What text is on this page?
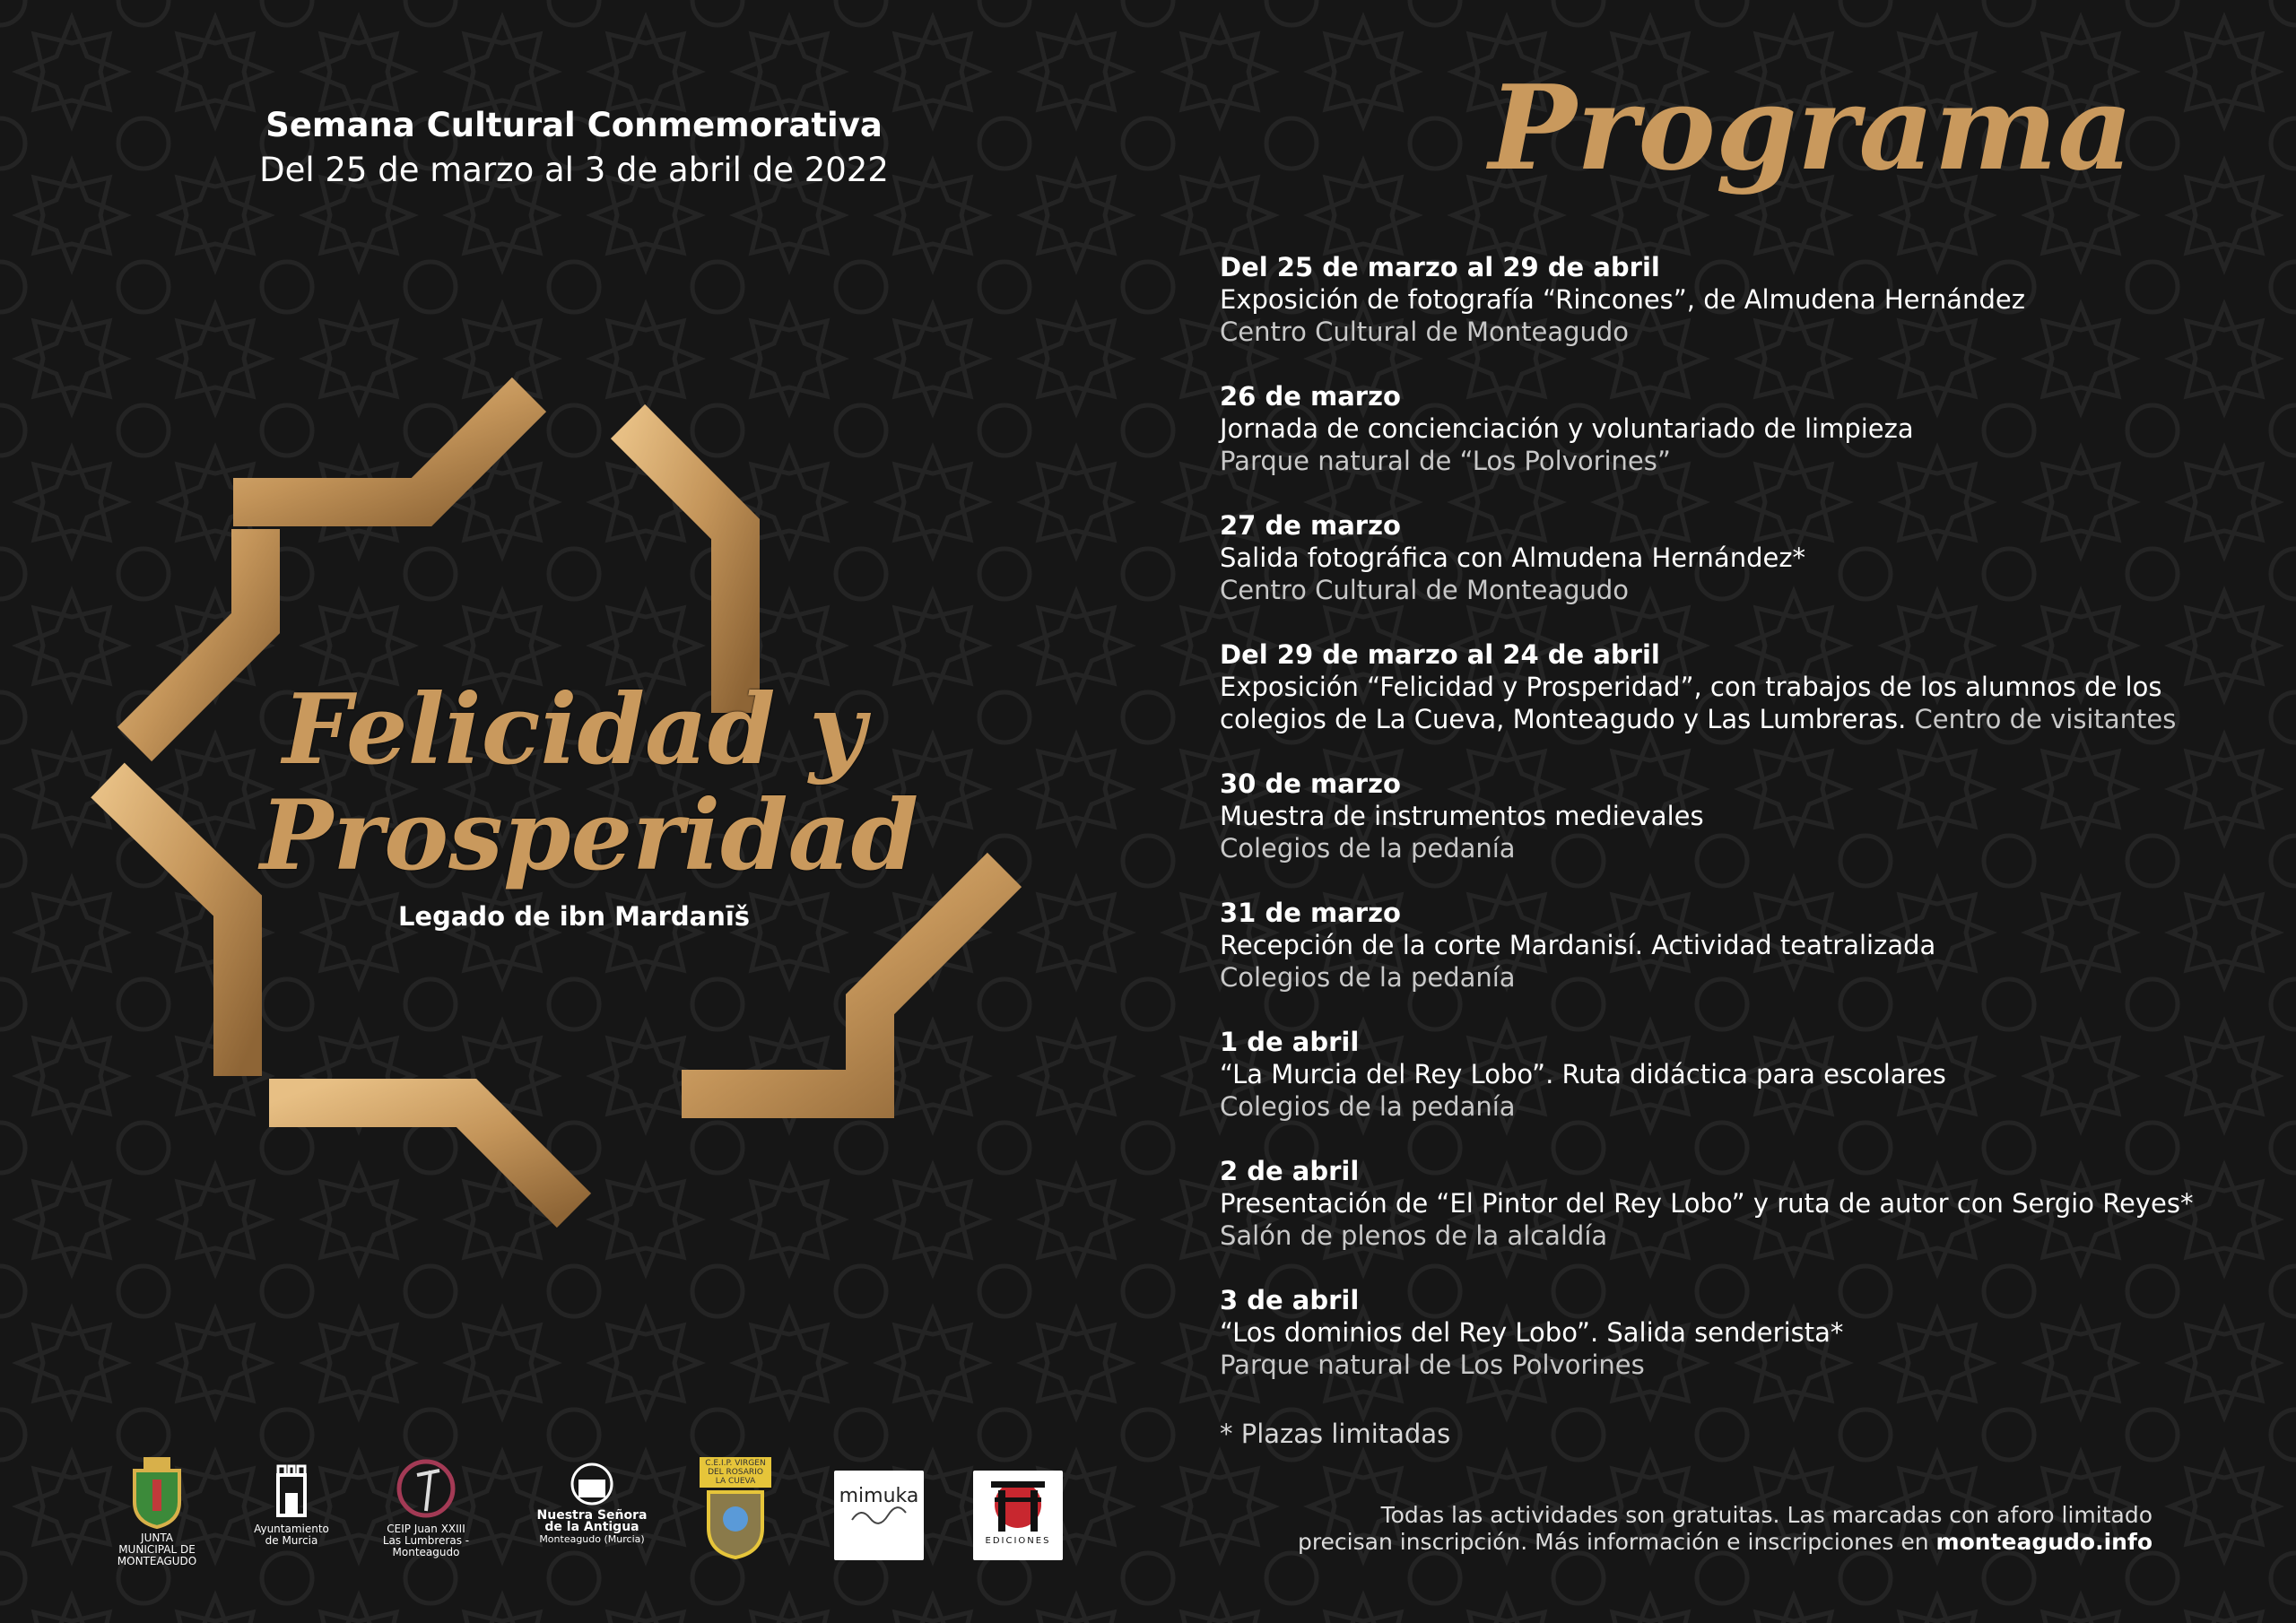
Semana Cultural Conmemorativa
Del 25 de marzo al 3 de abril de 2022
Felicidad y
Prosperidad
Legado de ibn Mardanīš
Programa
Del 25 de marzo al 29 de abril
Exposición de fotografía “Rincones”, de Almudena Hernández
Centro Cultural de Monteagudo
26 de marzo
Jornada de concienciación y voluntariado de limpieza
Parque natural de “Los Polvorines”
27 de marzo
Salida fotográfica con Almudena Hernández*
Centro Cultural de Monteagudo
Del 29 de marzo al 24 de abril
Exposición “Felicidad y Prosperidad”, con trabajos de los alumnos de los colegios de La Cueva, Monteagudo y Las Lumbreras. Centro de visitantes
30 de marzo
Muestra de instrumentos medievales
Colegios de la pedanía
31 de marzo
Recepción de la corte Mardanisí. Actividad teatralizada
Colegios de la pedanía
1 de abril
“La Murcia del Rey Lobo”. Ruta didáctica para escolares
Colegios de la pedanía
2 de abril
Presentación de “El Pintor del Rey Lobo” y ruta de autor con Sergio Reyes*
Salón de plenos de la alcaldía
3 de abril
“Los dominios del Rey Lobo”. Salida senderista*
Parque natural de Los Polvorines
* Plazas limitadas
Todas las actividades son gratuitas. Las marcadas con aforo limitado
precisan inscripción. Más información e inscripciones en monteagudo.info
JUNTA MUNICIPAL DE MONTEAGUDO
Ayuntamiento de Murcia
CEIP Juan XXIII Las Lumbreras - Monteagudo
Nuestra Señora de la Antigua
Monteagudo (Murcia)
C.E.I.P. VIRGEN DEL ROSARIO LA CUEVA
mimuka
EDICIONES
